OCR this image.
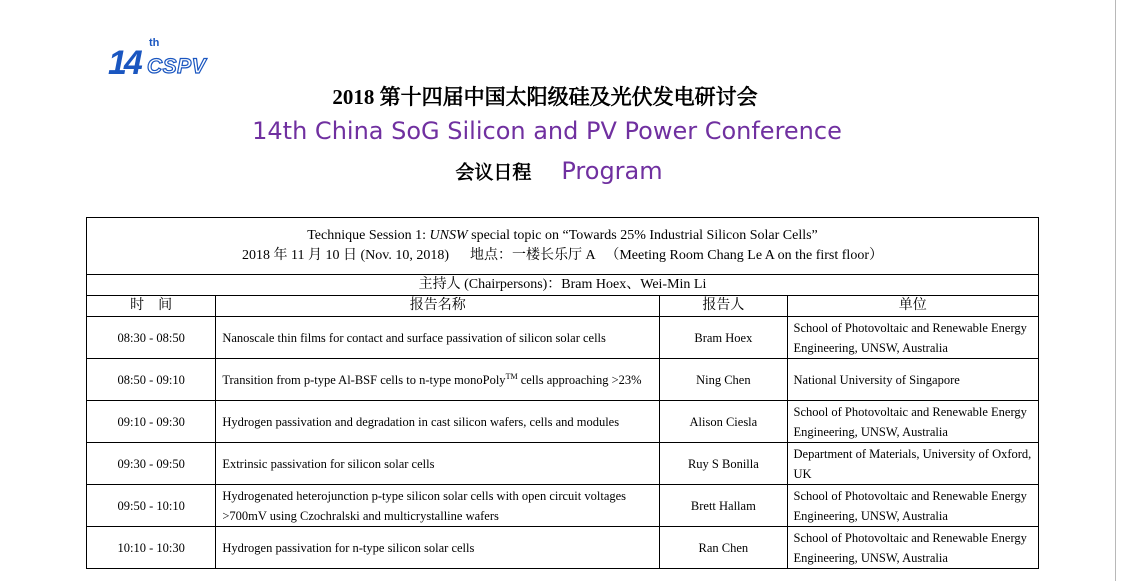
14
th
CSPV
2018 第十四届中国太阳级硅及光伏发电研讨会
14th China SoG Silicon and PV Power Conference
会议日程 Program
Technique Session 1: UNSW special topic on “Towards 25% Industrial Silicon Solar Cells”
2018 年 11 月 10 日 (Nov. 10, 2018)      地点：一楼长乐厅 A   （Meeting Room Chang Le A on the first floor）			

主持人 (Chairpersons)：Bram Hoex、Wei-Min Li			
时    间	报告名称	报告人	单位
08:30 - 08:50	Nanoscale thin films for contact and surface passivation of silicon solar cells	Bram Hoex	School of Photovoltaic and Renewable Energy Engineering, UNSW, Australia
08:50 - 09:10	Transition from p-type Al-BSF cells to n-type monoPoly™ cells approaching >23%	Ning Chen	National University of Singapore
09:10 - 09:30	Hydrogen passivation and degradation in cast silicon wafers, cells and modules	Alison Ciesla	School of Photovoltaic and Renewable Energy Engineering, UNSW, Australia
09:30 - 09:50	Extrinsic passivation for silicon solar cells	Ruy S Bonilla	Department of Materials, University of Oxford, UK
09:50 - 10:10	Hydrogenated heterojunction p-type silicon solar cells with open circuit voltages >700mV using Czochralski and multicrystalline wafers	Brett Hallam	School of Photovoltaic and Renewable Energy Engineering, UNSW, Australia
10:10 - 10:30	Hydrogen passivation for n-type silicon solar cells	Ran Chen	School of Photovoltaic and Renewable Energy Engineering, UNSW, Australia
